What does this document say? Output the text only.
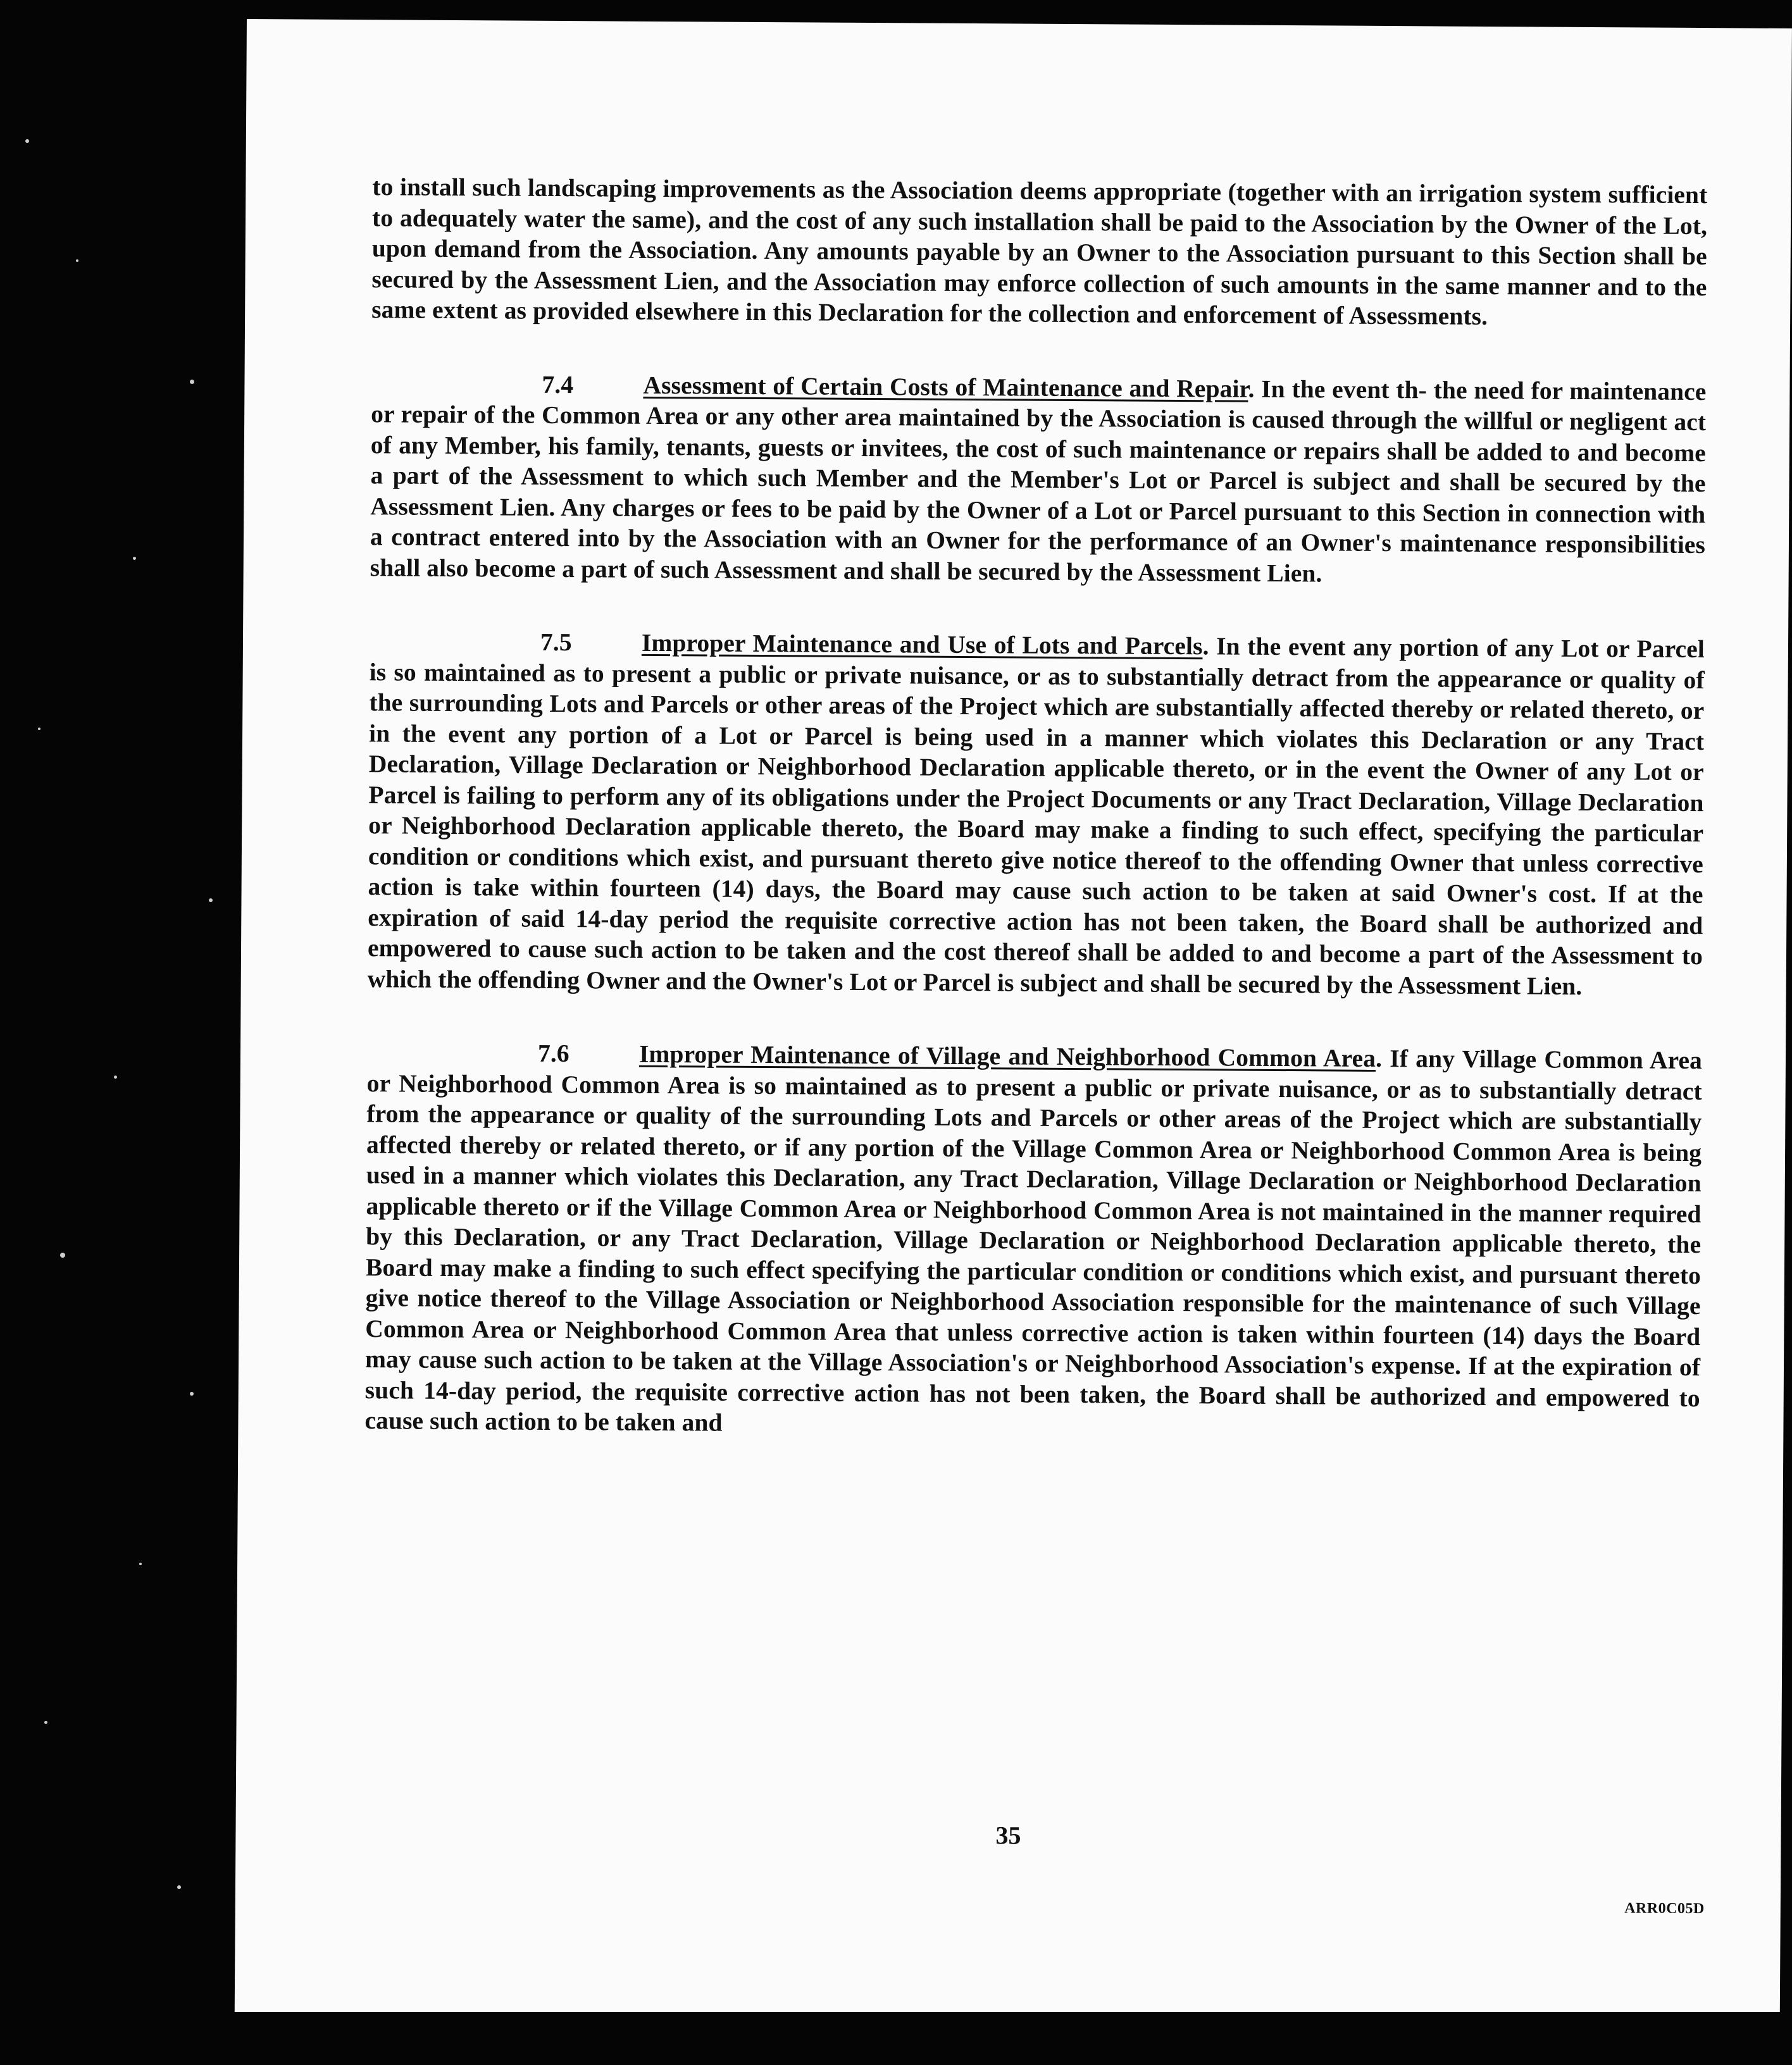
to install such landscaping improvements as the Association deems appropriate (together with an irrigation system sufficient to adequately water the same), and the cost of any such installation shall be paid to the Association by the Owner of the Lot, upon demand from the Association. Any amounts payable by an Owner to the Association pursuant to this Section shall be secured by the Assessment Lien, and the Association may enforce collection of such amounts in the same manner and to the same extent as provided elsewhere in this Declaration for the collection and enforcement of Assessments.

7.4	Assessment of Certain Costs of Maintenance and Repair. In the event th- the need for maintenance or repair of the Common Area or any other area maintained by the Association is caused through the willful or negligent act of any Member, his family, tenants, guests or invitees, the cost of such maintenance or repairs shall be added to and become a part of the Assessment to which such Member and the Member's Lot or Parcel is subject and shall be secured by the Assessment Lien. Any charges or fees to be paid by the Owner of a Lot or Parcel pursuant to this Section in connection with a contract entered into by the Association with an Owner for the performance of an Owner's maintenance responsibilities shall also become a part of such Assessment and shall be secured by the Assessment Lien.

7.5	Improper Maintenance and Use of Lots and Parcels. In the event any portion of any Lot or Parcel is so maintained as to present a public or private nuisance, or as to substantially detract from the appearance or quality of the surrounding Lots and Parcels or other areas of the Project which are substantially affected thereby or related thereto, or in the event any portion of a Lot or Parcel is being used in a manner which violates this Declaration or any Tract Declaration, Village Declaration or Neighborhood Declaration applicable thereto, or in the event the Owner of any Lot or Parcel is failing to perform any of its obligations under the Project Documents or any Tract Declaration, Village Declaration or Neighborhood Declaration applicable thereto, the Board may make a finding to such effect, specifying the particular condition or conditions which exist, and pursuant thereto give notice thereof to the offending Owner that unless corrective action is take within fourteen (14) days, the Board may cause such action to be taken at said Owner's cost. If at the expiration of said 14-day period the requisite corrective action has not been taken, the Board shall be authorized and empowered to cause such action to be taken and the cost thereof shall be added to and become a part of the Assessment to which the offending Owner and the Owner's Lot or Parcel is subject and shall be secured by the Assessment Lien.

7.6	Improper Maintenance of Village and Neighborhood Common Area. If any Village Common Area or Neighborhood Common Area is so maintained as to present a public or private nuisance, or as to substantially detract from the appearance or quality of the surrounding Lots and Parcels or other areas of the Project which are substantially affected thereby or related thereto, or if any portion of the Village Common Area or Neighborhood Common Area is being used in a manner which violates this Declaration, any Tract Declaration, Village Declaration or Neighborhood Declaration applicable thereto or if the Village Common Area or Neighborhood Common Area is not maintained in the manner required by this Declaration, or any Tract Declaration, Village Declaration or Neighborhood Declaration applicable thereto, the Board may make a finding to such effect specifying the particular condition or conditions which exist, and pursuant thereto give notice thereof to the Village Association or Neighborhood Association responsible for the maintenance of such Village Common Area or Neighborhood Common Area that unless corrective action is taken within fourteen (14) days the Board may cause such action to be taken at the Village Association's or Neighborhood Association's expense. If at the expiration of such 14-day period, the requisite corrective action has not been taken, the Board shall be authorized and empowered to cause such action to be taken and

35
ARR0C05D
